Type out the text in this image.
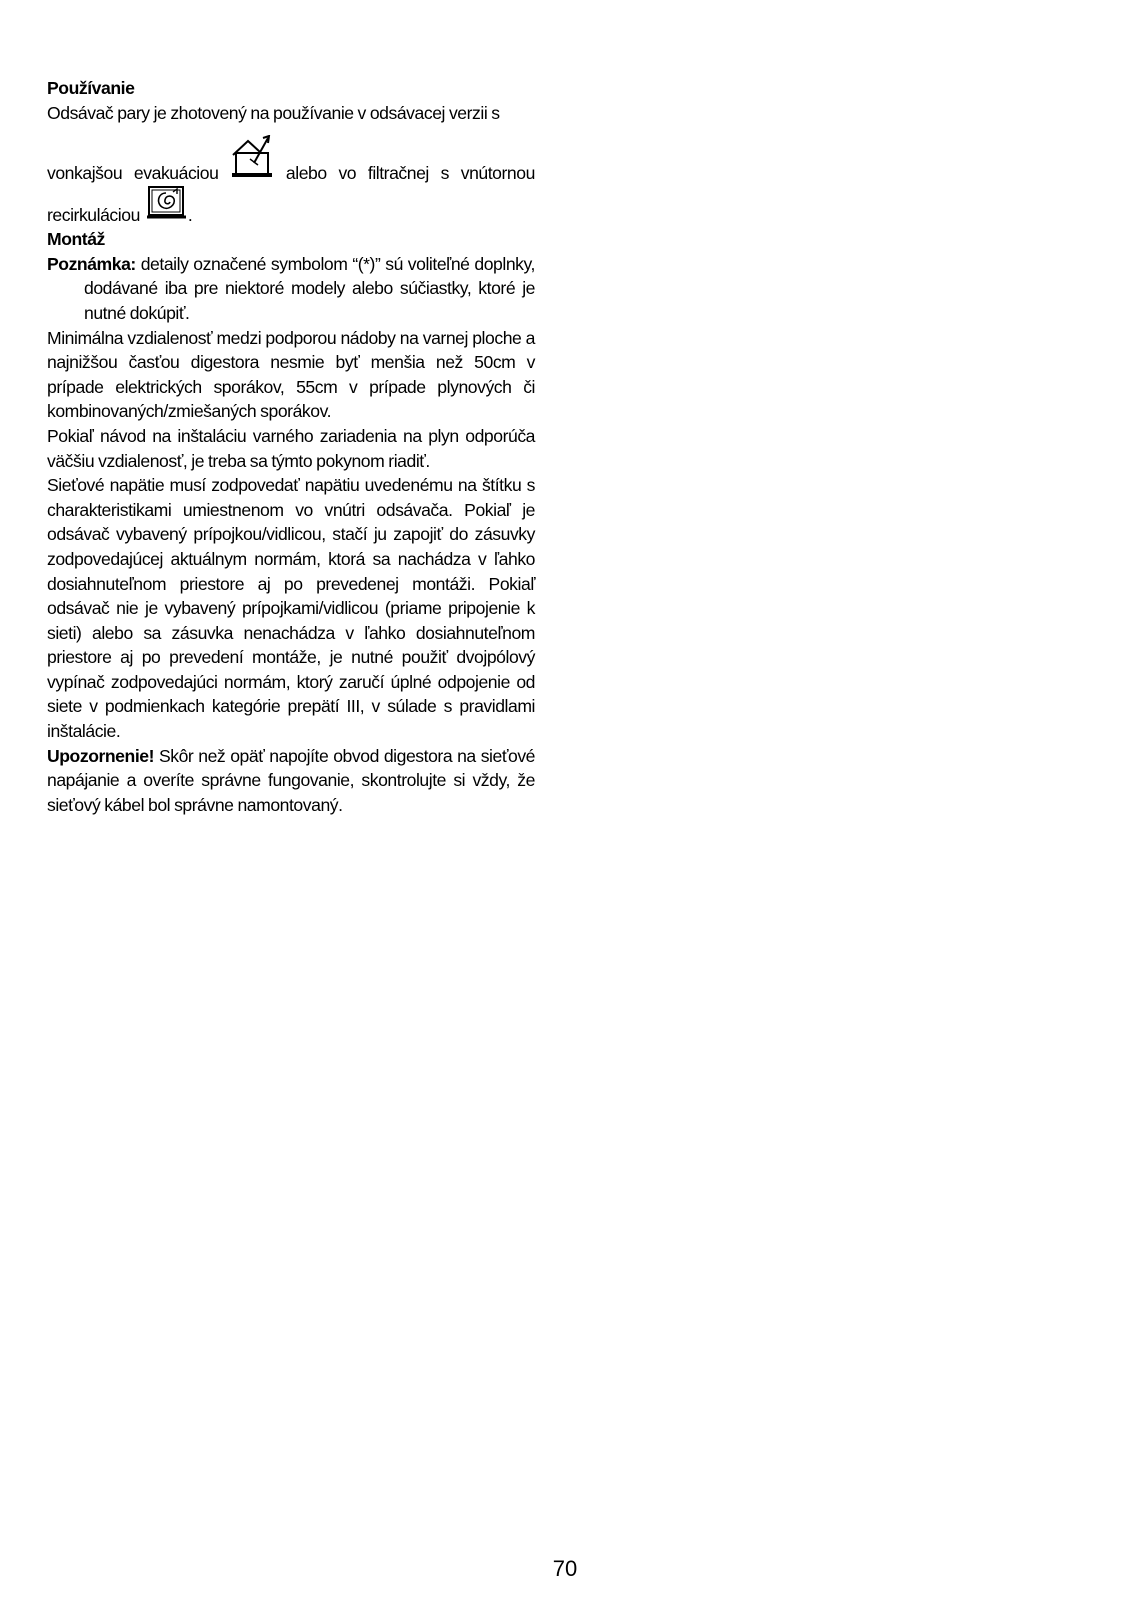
Používanie

Odsávač pary je zhotovený na používanie v odsávacej verzii s

vonkajšou evakuáciou	alebo vo filtračnej s vnútornou
recirkuláciou	.

Montáž

Poznámka: detaily označené symbolom “(*)” sú voliteľné doplnky, dodávané iba pre niektoré modely alebo súčiastky, ktoré je nutné dokúpiť.

Minimálna vzdialenosť medzi podporou nádoby na varnej ploche a najnižšou časťou digestora nesmie byť menšia než 50cm v prípade elektrických sporákov, 55cm v prípade plynových či kombinovaných/zmiešaných sporákov.

Pokiaľ návod na inštaláciu varného zariadenia na plyn odporúča väčšiu vzdialenosť, je treba sa týmto pokynom riadiť.

Sieťové napätie musí zodpovedať napätiu uvedenému na štítku s charakteristikami umiestnenom vo vnútri odsávača. Pokiaľ je odsávač vybavený prípojkou/vidlicou, stačí ju zapojiť do zásuvky zodpovedajúcej aktuálnym normám, ktorá sa nachádza v ľahko dosiahnuteľnom priestore aj po prevedenej montáži. Pokiaľ odsávač nie je vybavený prípojkami/vidlicou (priame pripojenie k sieti) alebo sa zásuvka nenachádza v ľahko dosiahnuteľnom priestore aj po prevedení montáže, je nutné použiť dvojpólový vypínač zodpovedajúci normám, ktorý zaručí úplné odpojenie od siete v podmienkach kategórie prepätí III, v súlade s pravidlami inštalácie.

Upozornenie! Skôr než opäť napojíte obvod digestora na sieťové napájanie a overíte správne fungovanie, skontrolujte si vždy, že sieťový kábel bol správne namontovaný.

70
